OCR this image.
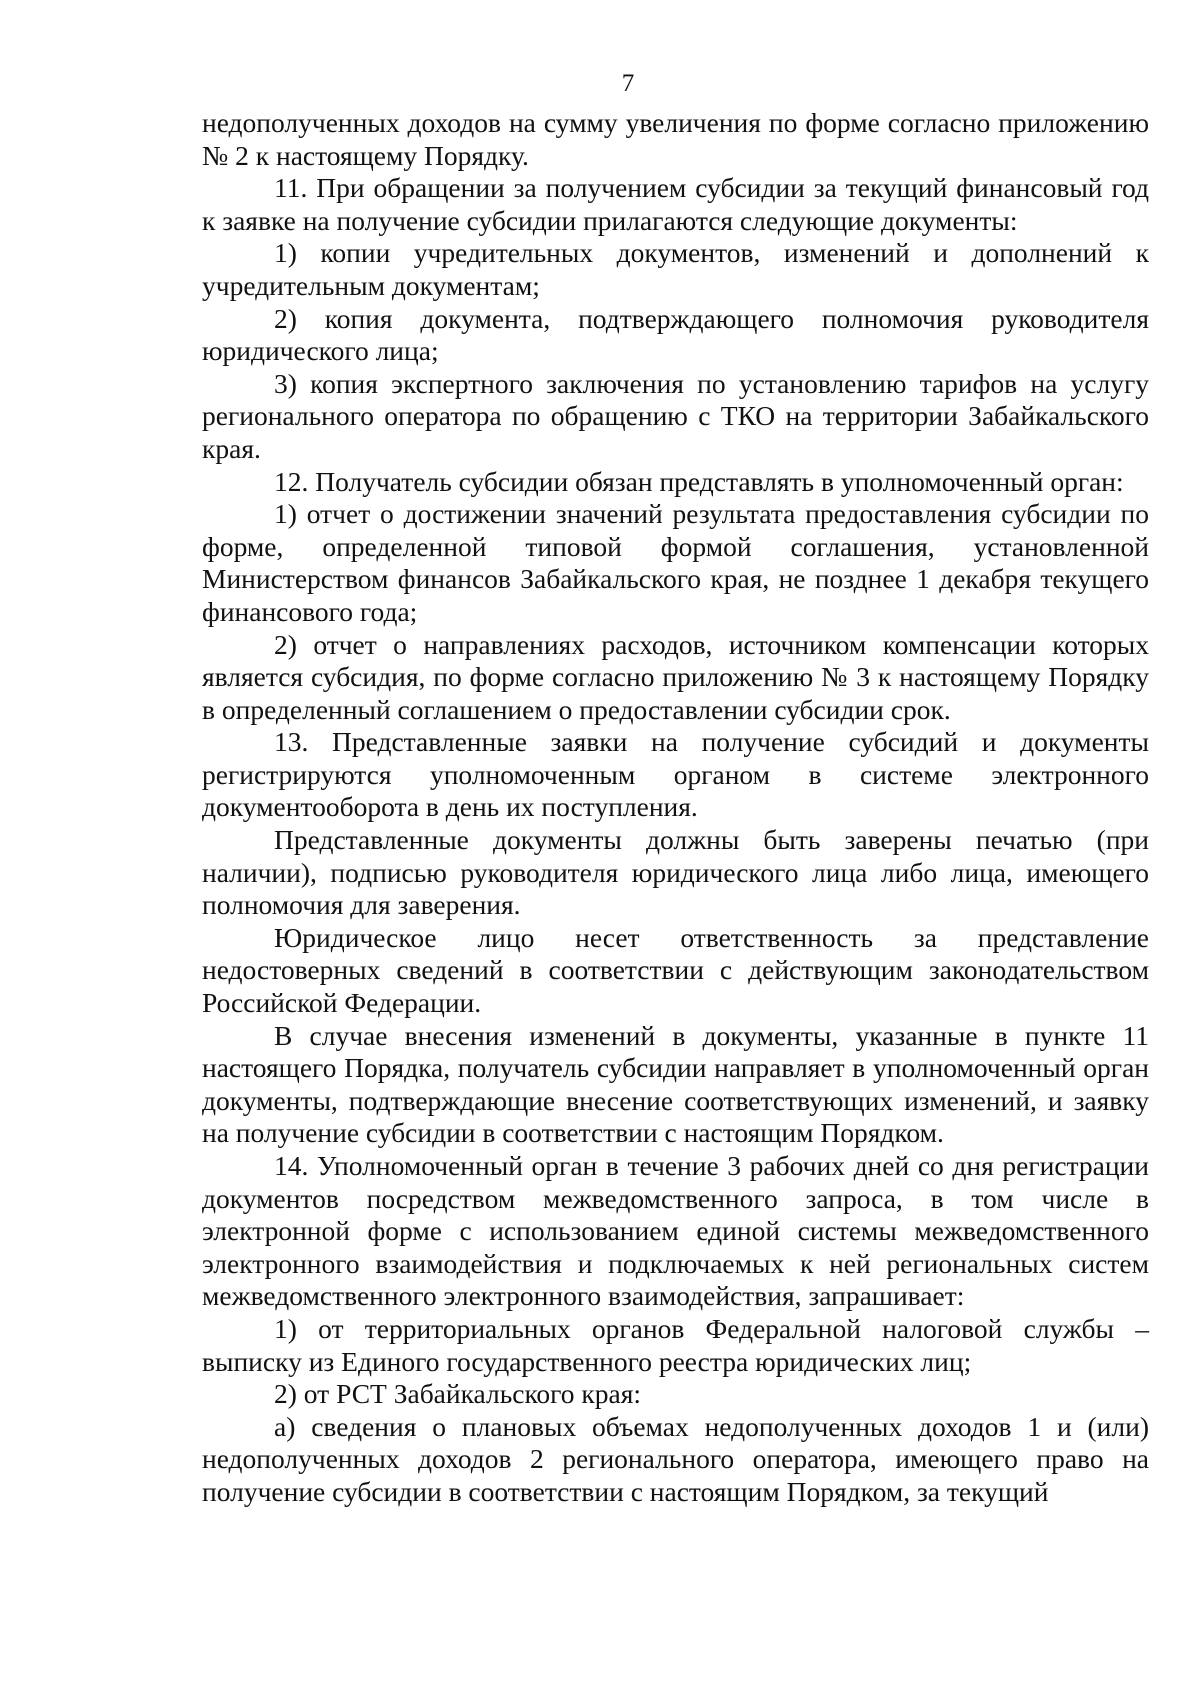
7

недополученных доходов на сумму увеличения по форме согласно приложению № 2 к настоящему Порядку.

11. При обращении за получением субсидии за текущий финансовый год к заявке на получение субсидии прилагаются следующие документы:

1) копии учредительных документов, изменений и дополнений к учредительным документам;

2) копия документа, подтверждающего полномочия руководителя юридического лица;

3) копия экспертного заключения по установлению тарифов на услугу регионального оператора по обращению с ТКО на территории Забайкальского края.

12. Получатель субсидии обязан представлять в уполномоченный орган:

1) отчет о достижении значений результата предоставления субсидии по форме, определенной типовой формой соглашения, установленной Министерством финансов Забайкальского края, не позднее 1 декабря текущего финансового года;

2) отчет о направлениях расходов, источником компенсации которых является субсидия, по форме согласно приложению № 3 к настоящему Порядку в определенный соглашением о предоставлении субсидии срок.

13. Представленные заявки на получение субсидий и документы регистрируются уполномоченным органом в системе электронного документооборота в день их поступления.

Представленные документы должны быть заверены печатью (при наличии), подписью руководителя юридического лица либо лица, имеющего полномочия для заверения.

Юридическое лицо несет ответственность за представление недостоверных сведений в соответствии с действующим законодательством Российской Федерации.

В случае внесения изменений в документы, указанные в пункте 11 настоящего Порядка, получатель субсидии направляет в уполномоченный орган документы, подтверждающие внесение соответствующих изменений, и заявку на получение субсидии в соответствии с настоящим Порядком.

14. Уполномоченный орган в течение 3 рабочих дней со дня регистрации документов посредством межведомственного запроса, в том числе в электронной форме с использованием единой системы межведомственного электронного взаимодействия и подключаемых к ней региональных систем межведомственного электронного взаимодействия, запрашивает:

1) от территориальных органов Федеральной налоговой службы – выписку из Единого государственного реестра юридических лиц;

2) от РСТ Забайкальского края:

а) сведения о плановых объемах недополученных доходов 1 и (или) недополученных доходов 2 регионального оператора, имеющего право на получение субсидии в соответствии с настоящим Порядком, за текущий
